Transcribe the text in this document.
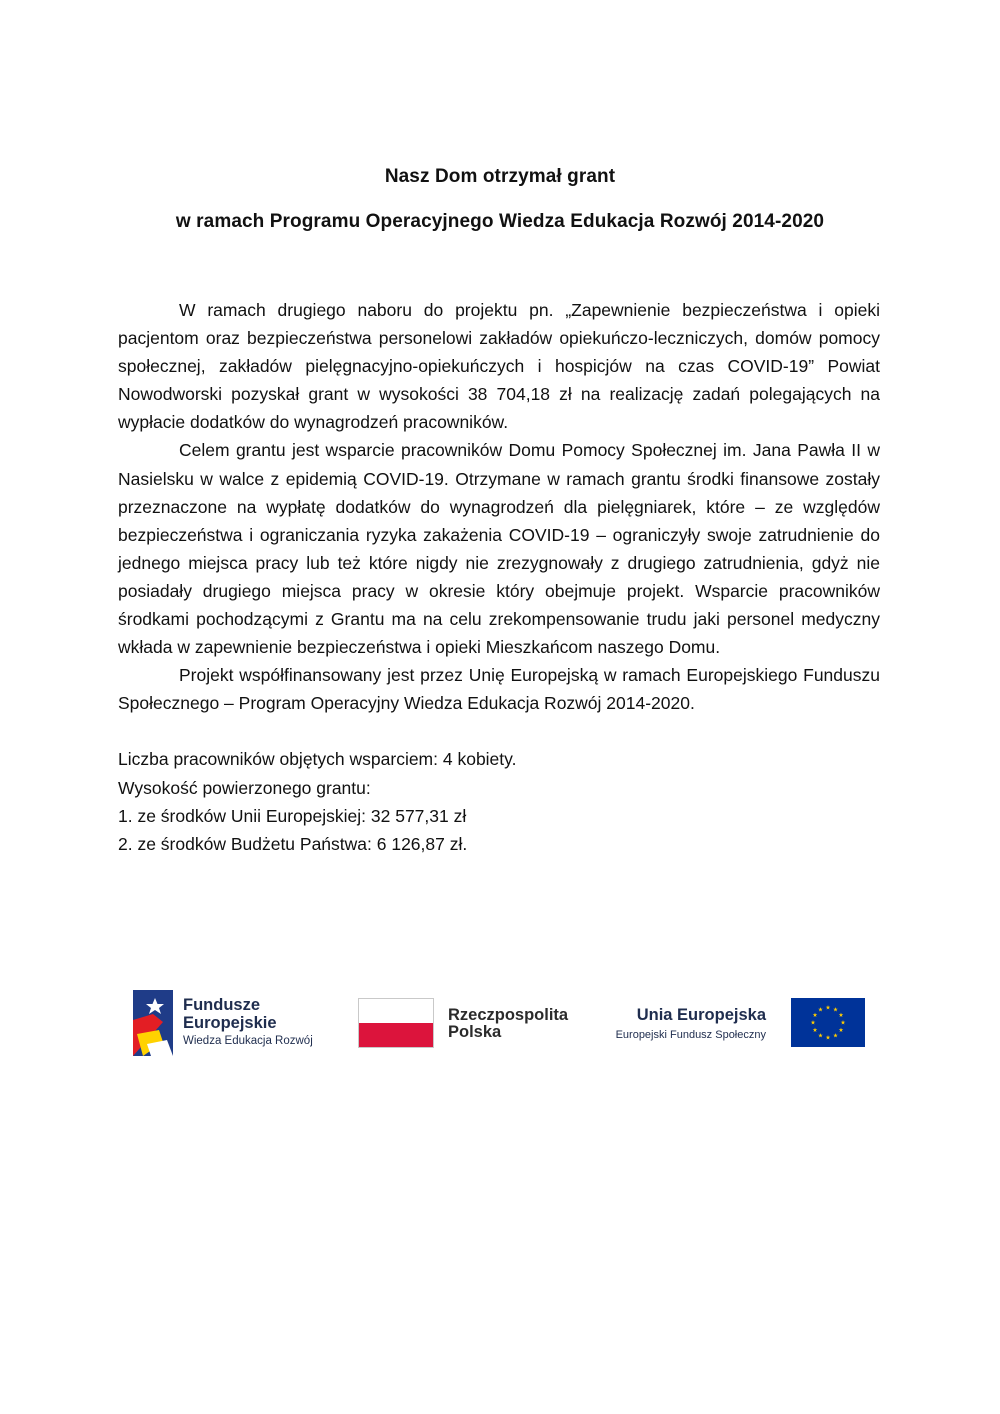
Nasz Dom otrzymał grant
w ramach Programu Operacyjnego Wiedza Edukacja Rozwój 2014-2020

W ramach drugiego naboru do projektu pn. „Zapewnienie bezpieczeństwa i opieki pacjentom oraz bezpieczeństwa personelowi zakładów opiekuńczo-leczniczych, domów pomocy społecznej, zakładów pielęgnacyjno-opiekuńczych i hospicjów na czas COVID-19” Powiat Nowodworski pozyskał grant w wysokości 38 704,18 zł na realizację zadań polegających na wypłacie dodatków do wynagrodzeń pracowników.

Celem grantu jest wsparcie pracowników Domu Pomocy Społecznej im. Jana Pawła II w Nasielsku w walce z epidemią COVID-19. Otrzymane w ramach grantu środki finansowe zostały przeznaczone na wypłatę dodatków do wynagrodzeń dla pielęgniarek, które – ze względów bezpieczeństwa i ograniczania ryzyka zakażenia COVID-19 – ograniczyły swoje zatrudnienie do jednego miejsca pracy lub też które nigdy nie zrezygnowały z drugiego zatrudnienia, gdyż nie posiadały drugiego miejsca pracy w okresie który obejmuje projekt. Wsparcie pracowników środkami pochodzącymi z Grantu ma na celu zrekompensowanie trudu jaki personel medyczny wkłada w zapewnienie bezpieczeństwa i opieki Mieszkańcom naszego Domu.

Projekt współfinansowany jest przez Unię Europejską w ramach Europejskiego Funduszu Społecznego – Program Operacyjny Wiedza Edukacja Rozwój 2014-2020.

Liczba pracowników objętych wsparciem: 4 kobiety.
Wysokość powierzonego grantu:
1. ze środków Unii Europejskiej: 32 577,31 zł
2. ze środków Budżetu Państwa: 6 126,87 zł.
Fundusze
Europejskie
Wiedza Edukacja Rozwój
Rzeczpospolita
Polska
Unia Europejska
Europejski Fundusz Społeczny
